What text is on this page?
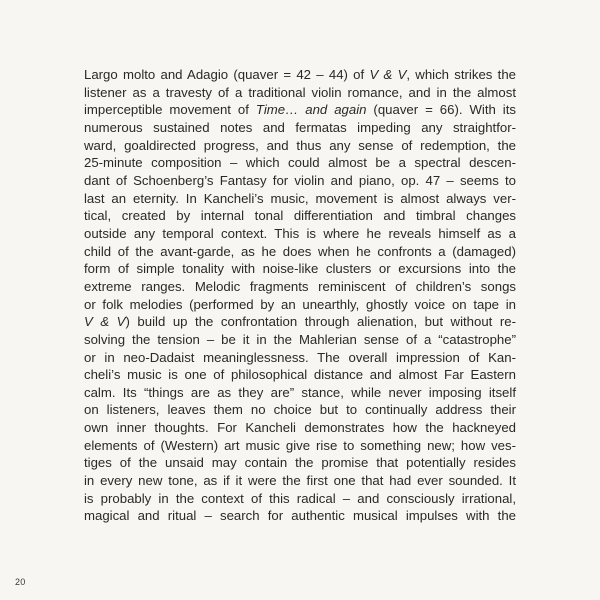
Largo molto and Adagio (quaver = 42 – 44) of V & V, which strikes the
listener as a travesty of a traditional violin romance, and in the almost
imperceptible movement of Time… and again (quaver = 66). With its
numerous sustained notes and fermatas impeding any straightfor-
ward, goaldirected progress, and thus any sense of redemption, the
25-minute composition – which could almost be a spectral descen-
dant of Schoenberg’s Fantasy for violin and piano, op. 47 – seems to
last an eternity. In Kancheli’s music, movement is almost always ver-
tical, created by internal tonal differentiation and timbral changes
outside any temporal context. This is where he reveals himself as a
child of the avant-garde, as he does when he confronts a (damaged)
form of simple tonality with noise-like clusters or excursions into the
extreme ranges. Melodic fragments reminiscent of children’s songs
or folk melodies (performed by an unearthly, ghostly voice on tape in
V & V) build up the confrontation through alienation, but without re-
solving the tension – be it in the Mahlerian sense of a “catastrophe”
or in neo-Dadaist meaninglessness. The overall impression of Kan-
cheli’s music is one of philosophical distance and almost Far Eastern
calm. Its “things are as they are” stance, while never imposing itself
on listeners, leaves them no choice but to continually address their
own inner thoughts. For Kancheli demonstrates how the hackneyed
elements of (Western) art music give rise to something new; how ves-
tiges of the unsaid may contain the promise that potentially resides
in every new tone, as if it were the first one that had ever sounded. It
is probably in the context of this radical – and consciously irrational,
magical and ritual – search for authentic musical impulses with the
20
